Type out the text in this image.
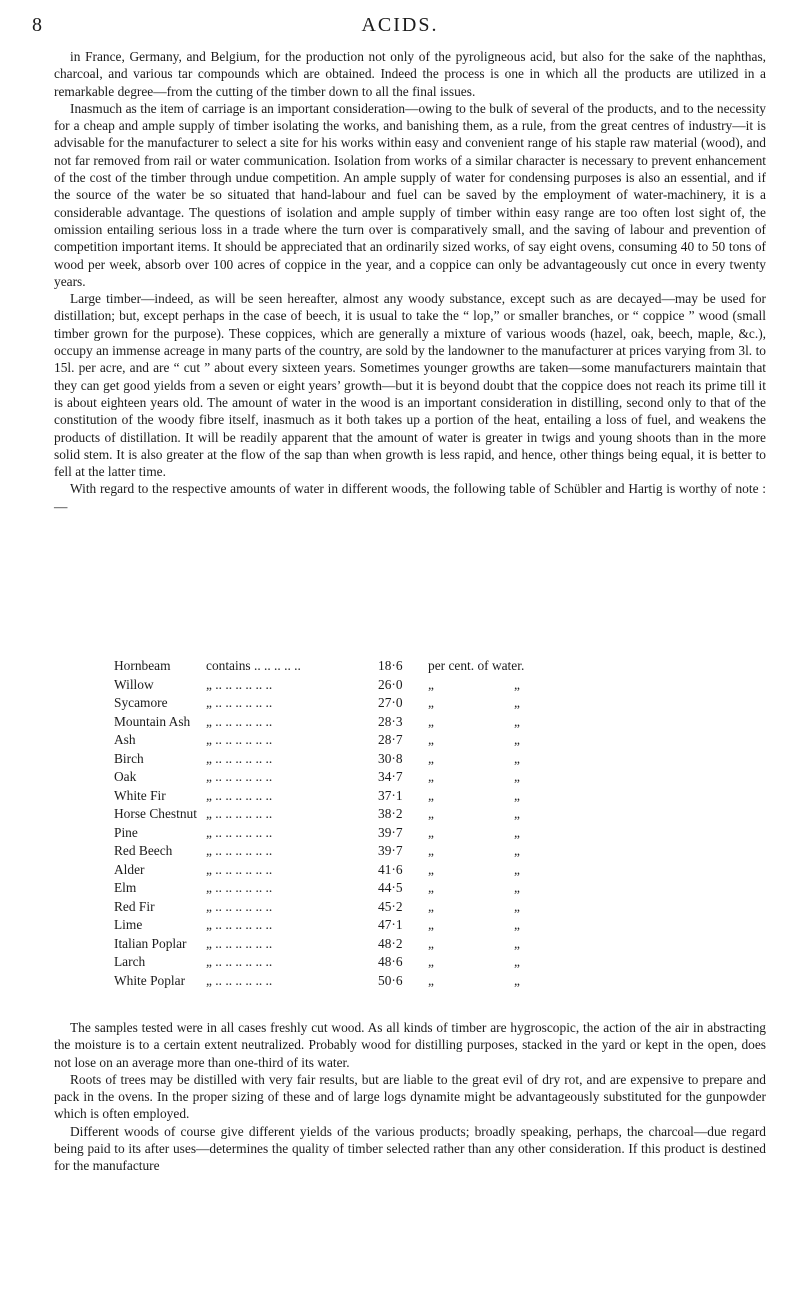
8	ACIDS.

in France, Germany, and Belgium, for the production not only of the pyroligneous acid, but also for the sake of the naphthas, charcoal, and various tar compounds which are obtained. Indeed the process is one in which all the products are utilized in a remarkable degree—from the cutting of the timber down to all the final issues.

Inasmuch as the item of carriage is an important consideration—owing to the bulk of several of the products, and to the necessity for a cheap and ample supply of timber isolating the works, and banishing them, as a rule, from the great centres of industry—it is advisable for the manufacturer to select a site for his works within easy and convenient range of his staple raw material (wood), and not far removed from rail or water communication. Isolation from works of a similar character is necessary to prevent enhancement of the cost of the timber through undue competition. An ample supply of water for condensing purposes is also an essential, and if the source of the water be so situated that hand-labour and fuel can be saved by the employment of water-machinery, it is a considerable advantage. The questions of isolation and ample supply of timber within easy range are too often lost sight of, the omission entailing serious loss in a trade where the turn over is comparatively small, and the saving of labour and prevention of competition important items. It should be appreciated that an ordinarily sized works, of say eight ovens, consuming 40 to 50 tons of wood per week, absorb over 100 acres of coppice in the year, and a coppice can only be advantageously cut once in every twenty years.

Large timber—indeed, as will be seen hereafter, almost any woody substance, except such as are decayed—may be used for distillation; but, except perhaps in the case of beech, it is usual to take the “ lop,” or smaller branches, or “ coppice ” wood (small timber grown for the purpose). These coppices, which are generally a mixture of various woods (hazel, oak, beech, maple, &c.), occupy an immense acreage in many parts of the country, are sold by the landowner to the manufacturer at prices varying from 3l. to 15l. per acre, and are “ cut ” about every sixteen years. Sometimes younger growths are taken—some manufacturers maintain that they can get good yields from a seven or eight years’ growth—but it is beyond doubt that the coppice does not reach its prime till it is about eighteen years old. The amount of water in the wood is an important consideration in distilling, second only to that of the constitution of the woody fibre itself, inasmuch as it both takes up a portion of the heat, entailing a loss of fuel, and weakens the products of distillation. It will be readily apparent that the amount of water is greater in twigs and young shoots than in the more solid stem. It is also greater at the flow of the sap than when growth is less rapid, and hence, other things being equal, it is better to fell at the latter time.

With regard to the respective amounts of water in different woods, the following table of Schübler and Hartig is worthy of note :—

Hornbeam	contains .. .. .. .. ..	18·6	per cent. of water.	
Willow	„ .. .. .. .. .. ..	26·0	„	„
Sycamore	„ .. .. .. .. .. ..	27·0	„	„
Mountain Ash	„ .. .. .. .. .. ..	28·3	„	„
Ash	„ .. .. .. .. .. ..	28·7	„	„
Birch	„ .. .. .. .. .. ..	30·8	„	„
Oak	„ .. .. .. .. .. ..	34·7	„	„
White Fir	„ .. .. .. .. .. ..	37·1	„	„
Horse Chestnut	„ .. .. .. .. .. ..	38·2	„	„
Pine	„ .. .. .. .. .. ..	39·7	„	„
Red Beech	„ .. .. .. .. .. ..	39·7	„	„
Alder	„ .. .. .. .. .. ..	41·6	„	„
Elm	„ .. .. .. .. .. ..	44·5	„	„
Red Fir	„ .. .. .. .. .. ..	45·2	„	„
Lime	„ .. .. .. .. .. ..	47·1	„	„
Italian Poplar	„ .. .. .. .. .. ..	48·2	„	„
Larch	„ .. .. .. .. .. ..	48·6	„	„
White Poplar	„ .. .. .. .. .. ..	50·6	„	„

The samples tested were in all cases freshly cut wood. As all kinds of timber are hygroscopic, the action of the air in abstracting the moisture is to a certain extent neutralized. Probably wood for distilling purposes, stacked in the yard or kept in the open, does not lose on an average more than one-third of its water.

Roots of trees may be distilled with very fair results, but are liable to the great evil of dry rot, and are expensive to prepare and pack in the ovens. In the proper sizing of these and of large logs dynamite might be advantageously substituted for the gunpowder which is often employed.

Different woods of course give different yields of the various products; broadly speaking, perhaps, the charcoal—due regard being paid to its after uses—determines the quality of timber selected rather than any other consideration. If this product is destined for the manufacture
